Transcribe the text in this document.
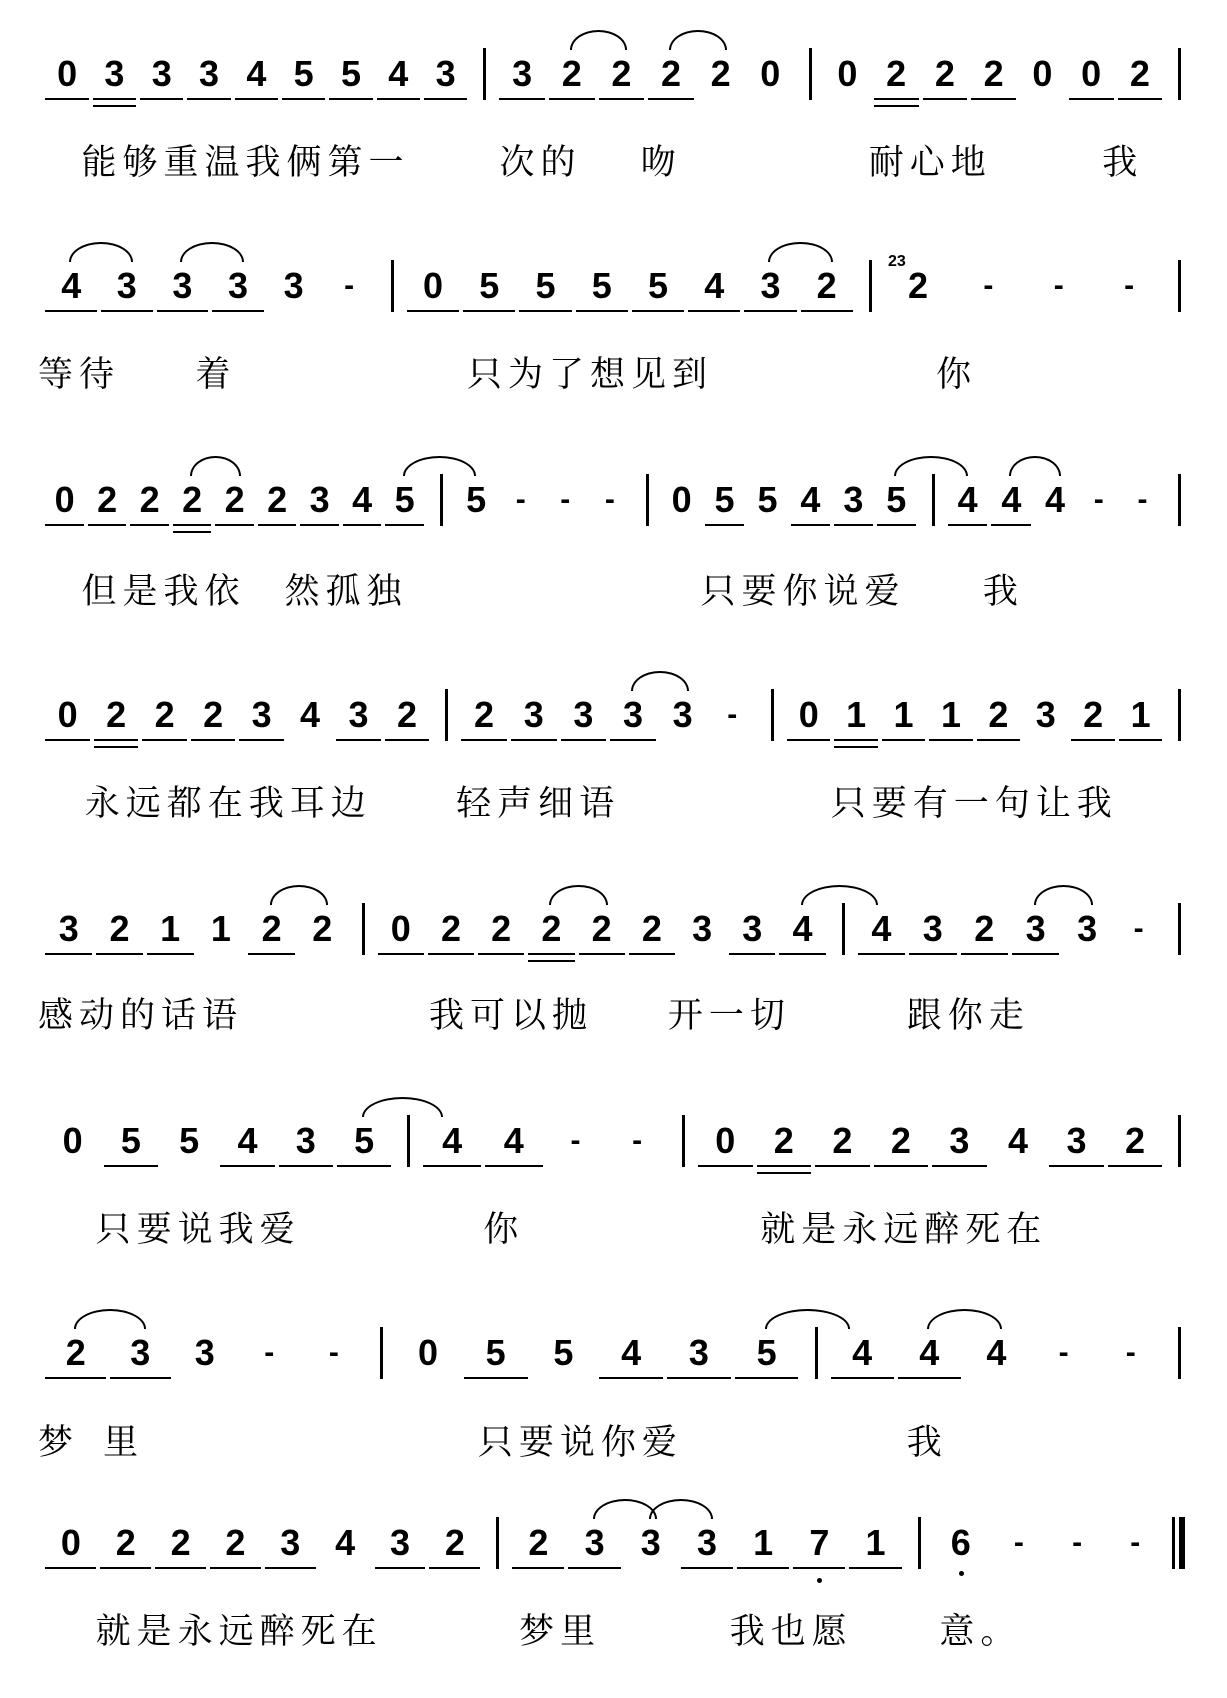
0 3 3 3 4 5 5 4 3 3 2 2 2 2 0 0 2 2 2 0 0 2
能够重温我俩第一	次的 吻	耐心地	我
4 3 3 3 3	- 0 5 5 5 5 4 3 2 2
23
-	-	-
等待 着	只为了想见到	你
0 2 2 2 2 2 3 4 5 5 -	-	- 0 5 5 4 3 5 4 4 4 -	-
但是我依 然孤独	只要你说爱 我
0 2 2 2 3 4 3 2 2 3 3 3 3	- 0 1 1 1 2 3 2 1
永远都在我耳边 轻声细语	只要有一句让我
3 2 1 1 2 2 0 2 2 2 2 2 3 3 4 4 3 2 3 3	-
感动的话语	我可以抛 开一切	跟你走
0 5 5 4 3 5 4 4	-	- 0 2 2 2 3 4 3 2
只要说我爱	你	就是永远醉死在
2 3 3	-	- 0 5 5 4 3 5 4 4 4	-	-
梦 里	只要说你爱	我
0 2 2 2 3 4 3 2 2 3 3 3 1 7 1 6	-	-	-
就是永远醉死在	梦里	我也愿 意。
